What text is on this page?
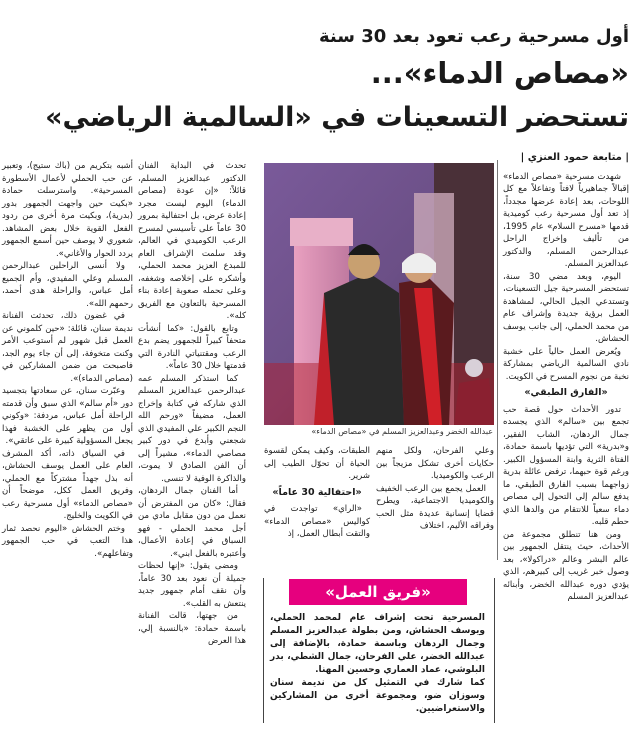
أول مسرحية رعب تعود بعد 30 سنة
«مصاص الدماء»...
تستحضر التسعينات في «السالمية الرياضي»
| متابعة حمود العنزي |

شهدت مسرحية «مصاص الدماء» إقبالاً جماهيرياً لافتاً وتفاعلاً مع كل اللوحات، بعد إعادة عرضها مجدداً، إذ تعد أول مسرحية رعب كوميدية قدمها «مسرح السلام» عام 1995، من تأليف وإخراج الراحل عبدالرحمن المسلم، والدكتور عبدالعزيز المسلم.

اليوم، وبعد مضي 30 سنة، تستحضر المسرحية جيل التسعينات، وتستدعي الجيل الحالي، لمشاهدة العمل برؤية جديدة وإشراف عام من محمد الحملي، إلى جانب يوسف الحشاش.

ويُعرض العمل حالياً على خشبة نادي السالمية الرياضي بمشاركة نخبة من نجوم المسرح في الكويت.

«الفارق الطبقي»

تدور الأحداث حول قصة حب تجمع بين «سالم» الذي يجسده جمال الردهان، الشاب الفقير، و«بدرية» التي تؤديها باسمة حمادة، الفتاة الثرية وابنة المسؤول الكبير. ورغم قوة حبهما، ترفض عائلة بدرية زواجهما بسبب الفارق الطبقي، ما يدفع سالم إلى التحول إلى مصاص دماء سعياً للانتقام من والدها الذي حطم قلبه.

ومن هنا تنطلق مجموعة من الأحداث، حيث ينتقل الجمهور بين عالم البشر وعالم «دراكولا»، بعد وصول خبر غريب إلى كبيرهم، الذي يؤدي دوره عبدالله الخضر، وأبنائه عبدالعزيز المسلم

عبدالله الخضر وعبدالعزيز المسلم في «مصاص الدماء»

وعلي الفرحان، ولكل منهم حكايات أخرى تشكل مزيجاً بين الرعب والكوميديا.

العمل يجمع بين الرعب الخفيف والكوميديا الاجتماعية، ويطرح قضايا إنسانية عديدة مثل الحب وفراقه الأليم، اختلاف

الطبقات، وكيف يمكن لقسوة الحياة أن تحوّل الطيب إلى شرير.

«احتفالية 30 عاماً»

«الراي» تواجدت في كواليس «مصاص الدماء» والتقت أبطال العمل، إذ

«فريق العمل»

المسرحية تحت إشراف عام لمحمد الحملي، ويوسف الحشاش، ومن بطولة عبدالعزيز المسلم وجمال الردهان وباسمة حمادة، بالإضافة إلى عبدالله الخضر، علي الفرحان، جمال الشطي، بدر البلوشي، عماد العماري وحسين المهنا.

كما شارك في التمثيل كل من نديمة سنان وسوزان ضو، ومجموعة أخرى من المشاركين والاستعراضيين.

تحدث في البداية الفنان الدكتور عبدالعزيز المسلم، قائلاً: «إن عودة (مصاص الدماء) اليوم ليست مجرد إعادة عرض، بل احتفالية بمرور 30 عاماً على تأسيسي لمسرح الرعب الكوميدي في العالم، وقد سلمت الإشراف العام للمبدع العزيز محمد الحملي، وأشكره على إخلاصه وشغفه، وعلى تحمله صعوبة إعادة بناء المسرحية بالتعاون مع الفريق كله».

وتابع بالقول: «كما أنشأت متحفاً كبيراً للجمهور يضم بدع الرعب ومقتنياتي النادرة التي قدمتها خلال 30 عاماً».

كما استذكر المسلم عمه عبدالرحمن عبدالعزيز المسلم الذي شاركه في كتابة وإخراج العمل، مضيفاً «ورحم الله النجم الكبير علي المفيدي الذي شجعني وأبدع في دور كبير مصاصي الدماء»، مشيراً إلى أن الفن الصادق لا يموت، والذاكرة الوفية لا تنسى.

أما الفنان جمال الردهان، فقال: «كان من المفترض أن نعمل من دون مقابل مادي من أجل محمد الحملي - فهو السباق في إعادة الأعمال، وأعتبره بالفعل ابني».

ومضى يقول: «إنها لحظات جميلة أن نعود بعد 30 عاماً، وأن نقف أمام جمهور جديد ينتعش به القلب».

من جهتها، قالت الفنانة باسمة حمادة: «بالنسبة إلي، هذا العرض

أشبه بتكريم من (باك ستيج)، وتعبير عن حب الحملي لأعمال الأسطورة المسرحية». واسترسلت حمادة «بكيت حين واجهت الجمهور بدور (بدرية)، وبكيت مرة أخرى من ردود الفعل القوية خلال بعض المشاهد. شعوري لا يوصف حين أسمع الجمهور يردد الحوار والأغاني».

ولا أنسى الراحلين عبدالرحمن المسلم وعلي المفيدي، وأم الجميع أمل عباس، والراحلة هدى أحمد، رحمهم الله».

في غضون ذلك، تحدثت الفنانة نديمة سنان، قائلة: «حين كلموني عن العمل قبل شهور لم أستوعب الأمر وكنت متخوفة، إلى أن جاء يوم الجد، فاصبحت من ضمن المشاركين في (مصاص الدماء)».

وعبّرت سنان، عن سعادتها بتجسيد دور «أم سالم» الذي سبق وأن قدمته الراحلة أمل عباس، مردفة: «وكوني أول من يظهر على الخشبة فهذا يجعل المسؤولية كبيرة على عاتقي».

في السياق ذاته، أكد المشرف العام على العمل يوسف الحشاش، أنه بذل جهداً مشتركاً مع الحملي، وفريق العمل ككل، موضحاً أن «مصاص الدماء» أول مسرحية رعب في الكويت والخليج.

وختم الحشاش «اليوم نحصد ثمار هذا التعب في حب الجمهور وتفاعلهم».
